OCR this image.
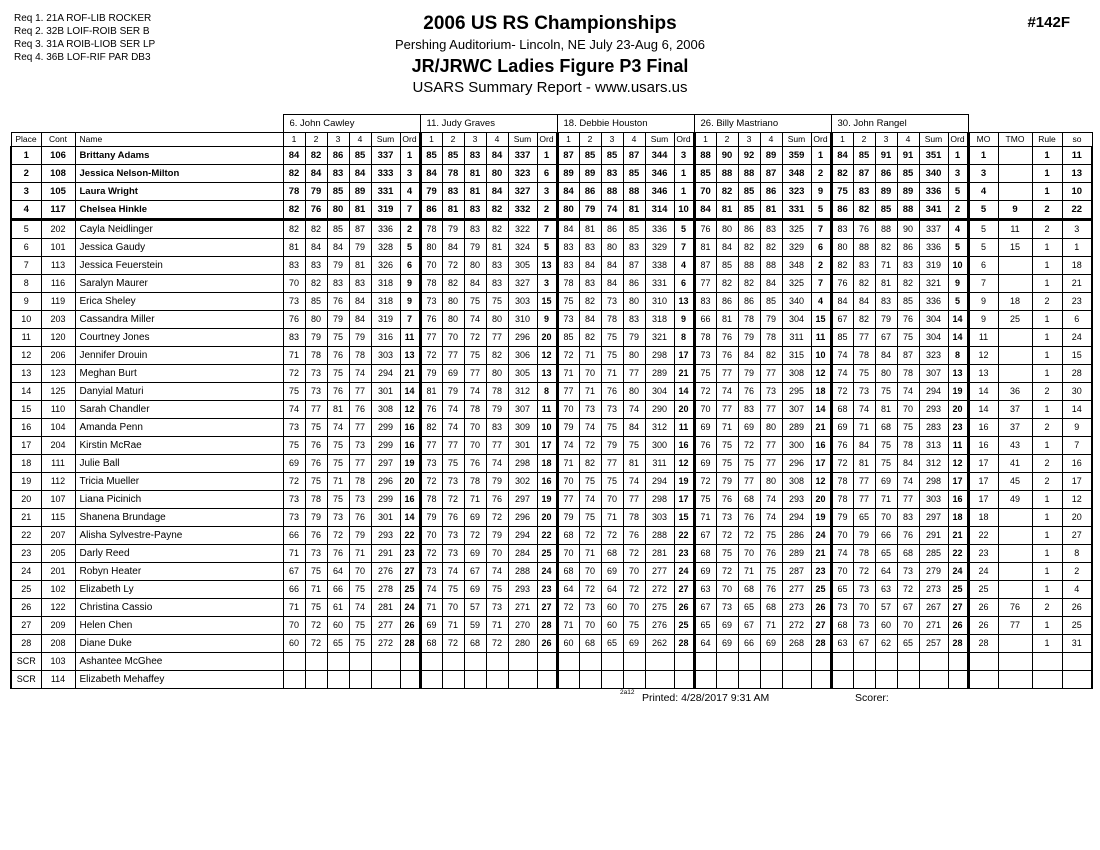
Req 1. 21A ROF-LIB ROCKER
Req 2. 32B LOIF-ROIB SER B
Req 3. 31A ROIB-LIOB SER LP
Req 4. 36B LOF-RIF PAR DB3
#142F
2006 US RS Championships
Pershing Auditorium- Lincoln, NE July 23-Aug 6, 2006
JR/JRWC Ladies Figure P3 Final
USARS Summary Report - www.usars.us
			6. John Cawley						11. Judy Graves						18. Debbie Houston						26. Billy Mastriano						30. John Rangel									
Place	Cont	Name	1	2	3	4	Sum	Ord	1	2	3	4	Sum	Ord	1	2	3	4	Sum	Ord	1	2	3	4	Sum	Ord	1	2	3	4	Sum	Ord	MO	TMO	Rule	so
1	106	Brittany Adams	84	82	86	85	337	1	85	85	83	84	337	1	87	85	85	87	344	3	88	90	92	89	359	1	84	85	91	91	351	1	1		1	11
2	108	Jessica Nelson-Milton	82	84	83	84	333	3	84	78	81	80	323	6	89	89	83	85	346	1	85	88	88	87	348	2	82	87	86	85	340	3	3		1	13
3	105	Laura Wright	78	79	85	89	331	4	79	83	81	84	327	3	84	86	88	88	346	1	70	82	85	86	323	9	75	83	89	89	336	5	4		1	10
4	117	Chelsea Hinkle	82	76	80	81	319	7	86	81	83	82	332	2	80	79	74	81	314	10	84	81	85	81	331	5	86	82	85	88	341	2	5	9	2	22
5	202	Cayla Neidlinger	82	82	85	87	336	2	78	79	83	82	322	7	84	81	86	85	336	5	76	80	86	83	325	7	83	76	88	90	337	4	5	11	2	3
6	101	Jessica Gaudy	81	84	84	79	328	5	80	84	79	81	324	5	83	83	80	83	329	7	81	84	82	82	329	6	80	88	82	86	336	5	5	15	1	1
7	113	Jessica Feuerstein	83	83	79	81	326	6	70	72	80	83	305	13	83	84	84	87	338	4	87	85	88	88	348	2	82	83	71	83	319	10	6		1	18
8	116	Saralyn Maurer	70	82	83	83	318	9	78	82	84	83	327	3	78	83	84	86	331	6	77	82	82	84	325	7	76	82	81	82	321	9	7		1	21
9	119	Erica Sheley	73	85	76	84	318	9	73	80	75	75	303	15	75	82	73	80	310	13	83	86	86	85	340	4	84	84	83	85	336	5	9	18	2	23
10	203	Cassandra Miller	76	80	79	84	319	7	76	80	74	80	310	9	73	84	78	83	318	9	66	81	78	79	304	15	67	82	79	76	304	14	9	25	1	6
11	120	Courtney Jones	83	79	75	79	316	11	77	70	72	77	296	20	85	82	75	79	321	8	78	76	79	78	311	11	85	77	67	75	304	14	11		1	24
12	206	Jennifer Drouin	71	78	76	78	303	13	72	77	75	82	306	12	72	71	75	80	298	17	73	76	84	82	315	10	74	78	84	87	323	8	12		1	15
13	123	Meghan Burt	72	73	75	74	294	21	79	69	77	80	305	13	71	70	71	77	289	21	75	77	79	77	308	12	74	75	80	78	307	13	13		1	28
14	125	Danyial Maturi	75	73	76	77	301	14	81	79	74	78	312	8	77	71	76	80	304	14	72	74	76	73	295	18	72	73	75	74	294	19	14	36	2	30
15	110	Sarah Chandler	74	77	81	76	308	12	76	74	78	79	307	11	70	73	73	74	290	20	70	77	83	77	307	14	68	74	81	70	293	20	14	37	1	14
16	104	Amanda Penn	73	75	74	77	299	16	82	74	70	83	309	10	79	74	75	84	312	11	69	71	69	80	289	21	69	71	68	75	283	23	16	37	2	9
17	204	Kirstin McRae	75	76	75	73	299	16	77	77	70	77	301	17	74	72	79	75	300	16	76	75	72	77	300	16	76	84	75	78	313	11	16	43	1	7
18	111	Julie Ball	69	76	75	77	297	19	73	75	76	74	298	18	71	82	77	81	311	12	69	75	75	77	296	17	72	81	75	84	312	12	17	41	2	16
19	112	Tricia Mueller	72	75	71	78	296	20	72	73	78	79	302	16	70	75	75	74	294	19	72	79	77	80	308	12	78	77	69	74	298	17	17	45	2	17
20	107	Liana Picinich	73	78	75	73	299	16	78	72	71	76	297	19	77	74	70	77	298	17	75	76	68	74	293	20	78	77	71	77	303	16	17	49	1	12
21	115	Shanena Brundage	73	79	73	76	301	14	79	76	69	72	296	20	79	75	71	78	303	15	71	73	76	74	294	19	79	65	70	83	297	18	18		1	20
22	207	Alisha Sylvestre-Payne	66	76	72	79	293	22	70	73	72	79	294	22	68	72	72	76	288	22	67	72	72	75	286	24	70	79	66	76	291	21	22		1	27
23	205	Darly Reed	71	73	76	71	291	23	72	73	69	70	284	25	70	71	68	72	281	23	68	75	70	76	289	21	74	78	65	68	285	22	23		1	8
24	201	Robyn Heater	67	75	64	70	276	27	73	74	67	74	288	24	68	70	69	70	277	24	69	72	71	75	287	23	70	72	64	73	279	24	24		1	2
25	102	Elizabeth Ly	66	71	66	75	278	25	74	75	69	75	293	23	64	72	64	72	272	27	63	70	68	76	277	25	65	73	63	72	273	25	25		1	4
26	122	Christina Cassio	71	75	61	74	281	24	71	70	57	73	271	27	72	73	60	70	275	26	67	73	65	68	273	26	73	70	57	67	267	27	26	76	2	26
27	209	Helen Chen	70	72	60	75	277	26	69	71	59	71	270	28	71	70	60	75	276	25	65	69	67	71	272	27	68	73	60	70	271	26	26	77	1	25
28	208	Diane Duke	60	72	65	75	272	28	68	72	68	72	280	26	60	68	65	69	262	28	64	69	66	69	268	28	63	67	62	65	257	28	28		1	31
SCR	103	Ashantee McGhee																																		
SCR	114	Elizabeth Mehaffey																																		
2a12 Printed: 4/28/2017 9:31 AM	Scorer:
